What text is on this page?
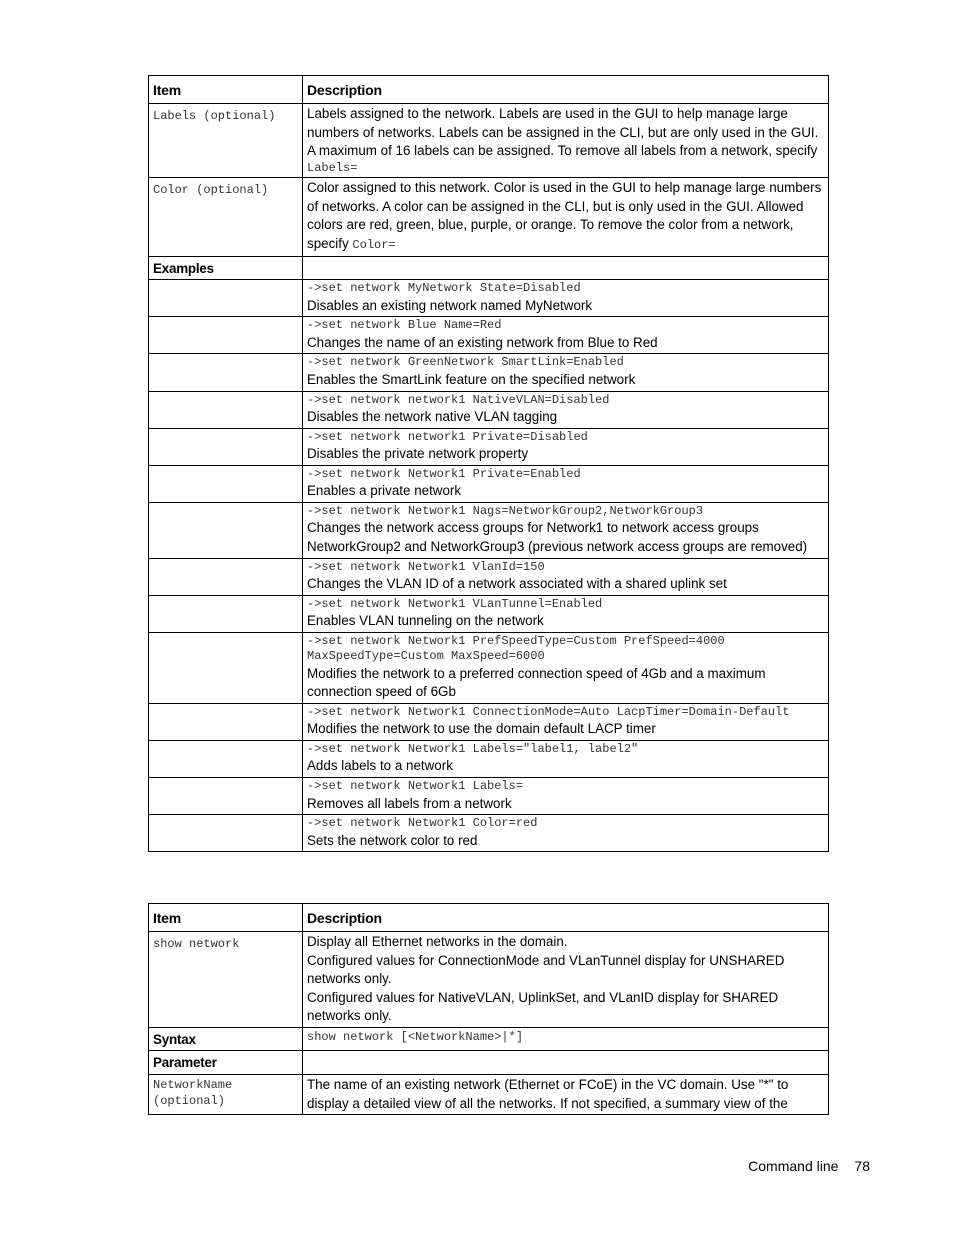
Item	Description
Labels (optional)	Labels assigned to the network. Labels are used in the GUI to help manage large numbers of networks. Labels can be assigned in the CLI, but are only used in the GUI. A maximum of 16 labels can be assigned. To remove all labels from a network, specify
Labels=

Color (optional)	Color assigned to this network. Color is used in the GUI to help manage large numbers of networks. A color can be assigned in the CLI, but is only used in the GUI. Allowed colors are red, green, blue, purple, or orange. To remove the color from a network, specify Color=
Examples	

	->set network MyNetwork State=Disabled
Disables an existing network named MyNetwork

	->set network Blue Name=Red
Changes the name of an existing network from Blue to Red

	->set network GreenNetwork SmartLink=Enabled
Enables the SmartLink feature on the specified network

	->set network network1 NativeVLAN=Disabled
Disables the network native VLAN tagging

	->set network network1 Private=Disabled
Disables the private network property

	->set network Network1 Private=Enabled
Enables a private network

	->set network Network1 Nags=NetworkGroup2,NetworkGroup3
Changes the network access groups for Network1 to network access groups NetworkGroup2 and NetworkGroup3 (previous network access groups are removed)

	->set network Network1 VlanId=150
Changes the VLAN ID of a network associated with a shared uplink set

	->set network Network1 VLanTunnel=Enabled
Enables VLAN tunneling on the network

	->set network Network1 PrefSpeedType=Custom PrefSpeed=4000 MaxSpeedType=Custom MaxSpeed=6000
Modifies the network to a preferred connection speed of 4Gb and a maximum connection speed of 6Gb

	->set network Network1 ConnectionMode=Auto LacpTimer=Domain-Default
Modifies the network to use the domain default LACP timer

	->set network Network1 Labels="label1, label2"
Adds labels to a network

	->set network Network1 Labels=
Removes all labels from a network

	->set network Network1 Color=red
Sets the network color to red
Item	Description
show network	Display all Ethernet networks in the domain.
Configured values for ConnectionMode and VLanTunnel display for UNSHARED networks only.
Configured values for NativeVLAN, UplinkSet, and VLanID display for SHARED networks only.

Syntax	show network [<NetworkName>|*]

Parameter	
NetworkName (optional)	The name of an existing network (Ethernet or FCoE) in the VC domain. Use "*" to display a detailed view of all the networks. If not specified, a summary view of the
Command line 78
